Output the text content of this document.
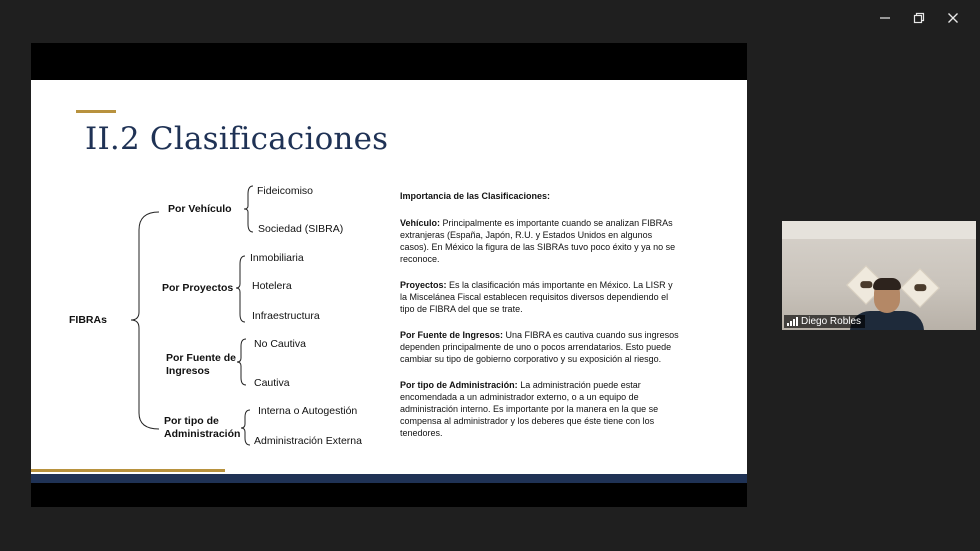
II.2 Clasificaciones
FIBRAs
Por Vehículo
Fideicomiso
Sociedad (SIBRA)
Por Proyectos
Inmobiliaria
Hotelera
Infraestructura
Por Fuente de
Ingresos
No Cautiva
Cautiva
Por tipo de
Administración
Interna o Autogestión
Administración Externa

Importancia de las Clasificaciones:

Vehículo: Principalmente es importante cuando se analizan FIBRAs extranjeras (España, Japón, R.U. y Estados Unidos en algunos casos). En México la figura de las SIBRAs tuvo poco éxito y ya no se reconoce.

Proyectos: Es la clasificación más importante en México. La LISR y la Miscelánea Fiscal establecen requisitos diversos dependiendo el tipo de FIBRA del que se trate.

Por Fuente de Ingresos: Una FIBRA es cautiva cuando sus ingresos dependen principalmente de uno o pocos arrendatarios. Esto puede cambiar su tipo de gobierno corporativo y su exposición al riesgo.

Por tipo de Administración: La administración puede estar encomendada a un administrador externo, o a un equipo de administración interno. Es importante por la manera en la que se compensa al administrador y los deberes que éste tiene con los tenedores.

Diego Robles
